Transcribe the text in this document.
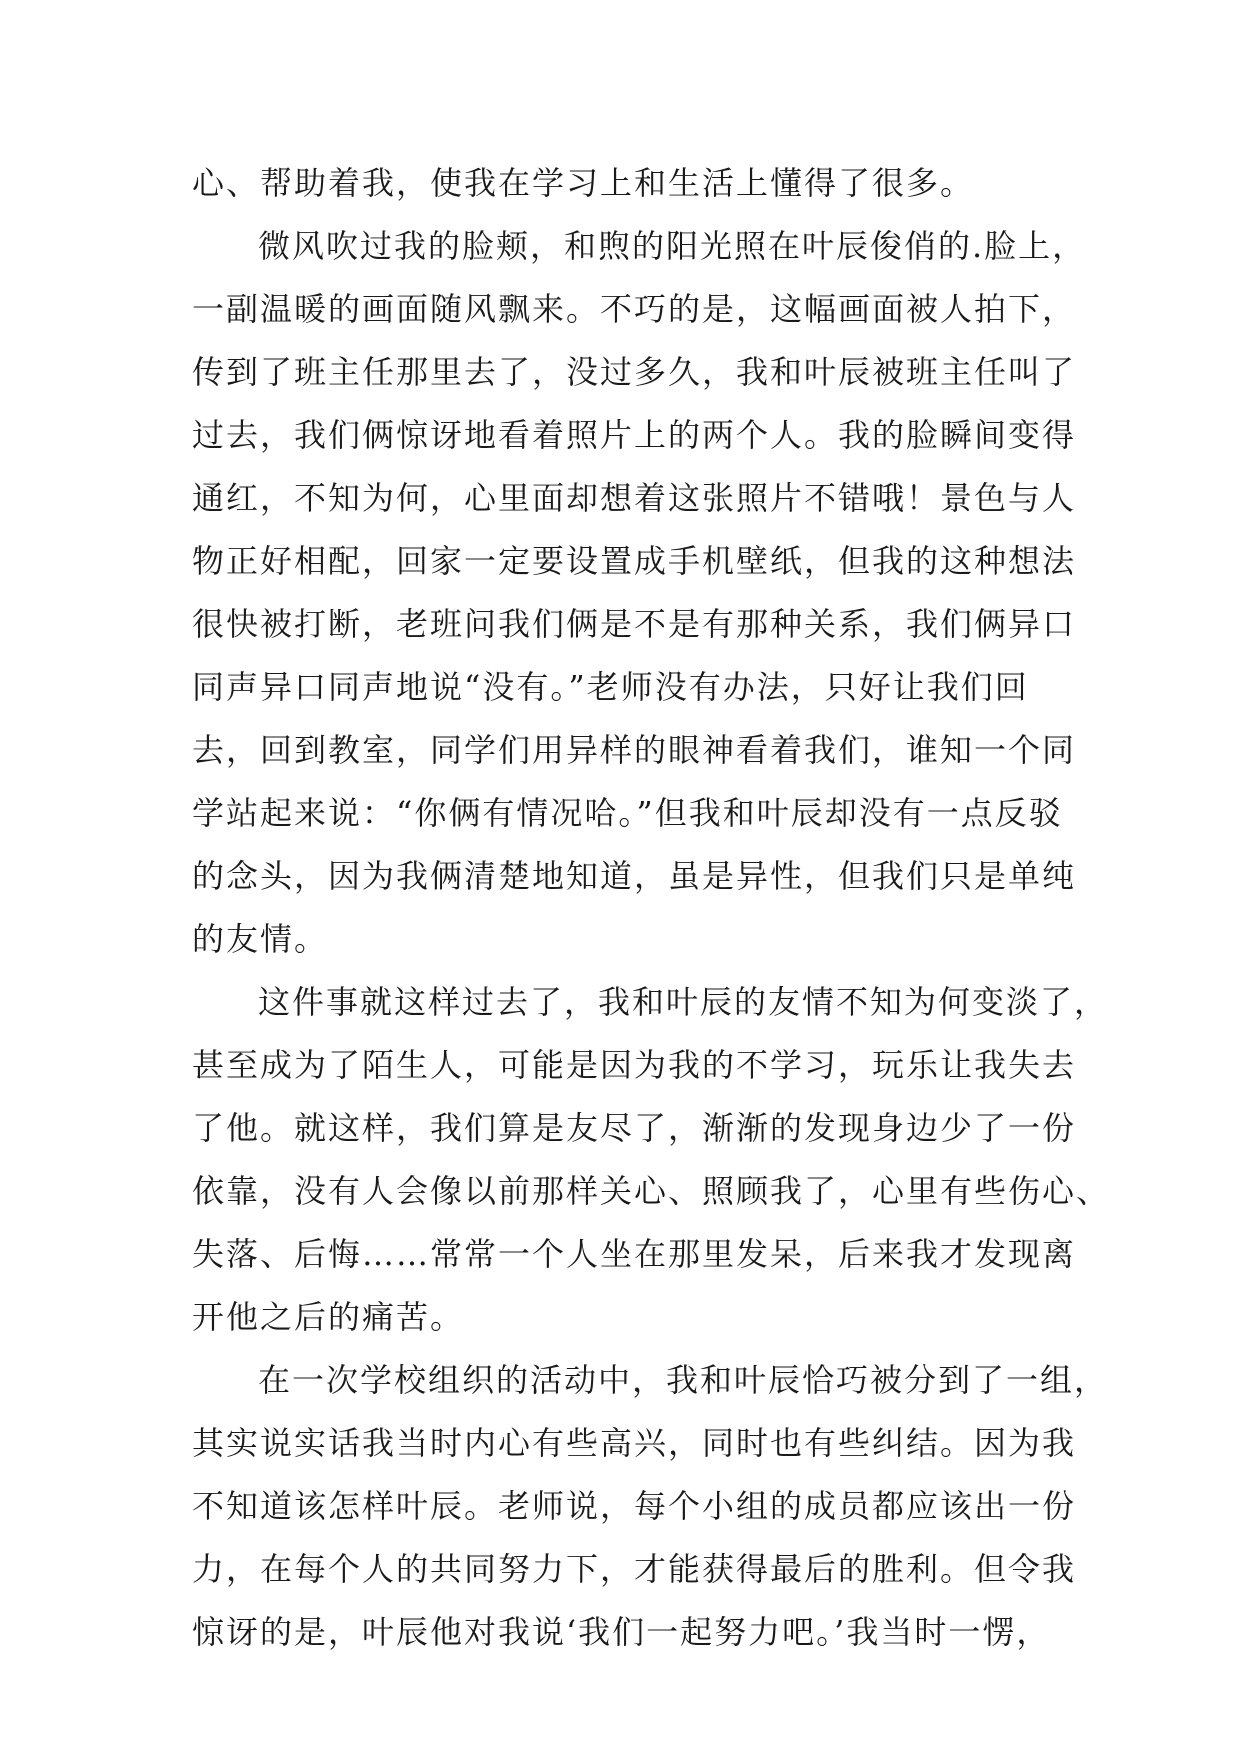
心、帮助着我，使我在学习上和生活上懂得了很多。
微风吹过我的脸颊，和煦的阳光照在叶辰俊俏的.脸上，
一副温暖的画面随风飘来。不巧的是，这幅画面被人拍下，
传到了班主任那里去了，没过多久，我和叶辰被班主任叫了
过去，我们俩惊讶地看着照片上的两个人。我的脸瞬间变得
通红，不知为何，心里面却想着这张照片不错哦！景色与人
物正好相配，回家一定要设置成手机壁纸，但我的这种想法
很快被打断，老班问我们俩是不是有那种关系，我们俩异口
同声异口同声地说“没有。”老师没有办法，只好让我们回
去，回到教室，同学们用异样的眼神看着我们，谁知一个同
学站起来说：“你俩有情况哈。”但我和叶辰却没有一点反驳
的念头，因为我俩清楚地知道，虽是异性，但我们只是单纯
的友情。
这件事就这样过去了，我和叶辰的友情不知为何变淡了，
甚至成为了陌生人，可能是因为我的不学习，玩乐让我失去
了他。就这样，我们算是友尽了，渐渐的发现身边少了一份
依靠，没有人会像以前那样关心、照顾我了，心里有些伤心、
失落、后悔……常常一个人坐在那里发呆，后来我才发现离
开他之后的痛苦。
在一次学校组织的活动中，我和叶辰恰巧被分到了一组，
其实说实话我当时内心有些高兴，同时也有些纠结。因为我
不知道该怎样叶辰。老师说，每个小组的成员都应该出一份
力，在每个人的共同努力下，才能获得最后的胜利。但令我
惊讶的是，叶辰他对我说‘我们一起努力吧。’我当时一愣，
